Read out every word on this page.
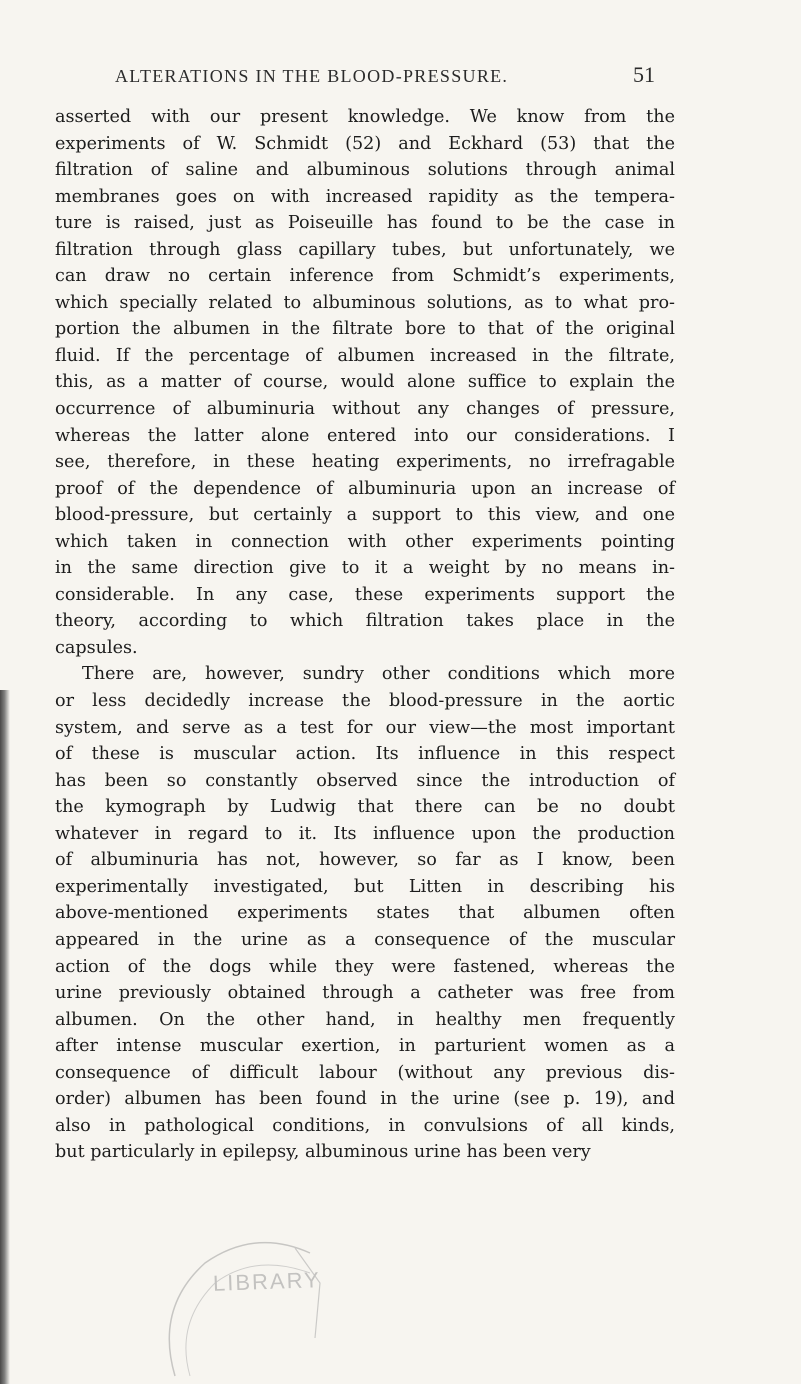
ALTERATIONS IN THE BLOOD-PRESSURE.	51
asserted with our present knowledge. We know from the
experiments of W. Schmidt (52) and Eckhard (53) that the
filtration of saline and albuminous solutions through animal
membranes goes on with increased rapidity as the tempera-
ture is raised, just as Poiseuille has found to be the case in
filtration through glass capillary tubes, but unfortunately, we
can draw no certain inference from Schmidt’s experiments,
which specially related to albuminous solutions, as to what pro-
portion the albumen in the filtrate bore to that of the original
fluid. If the percentage of albumen increased in the filtrate,
this, as a matter of course, would alone suffice to explain the
occurrence of albuminuria without any changes of pressure,
whereas the latter alone entered into our considerations. I
see, therefore, in these heating experiments, no irrefragable
proof of the dependence of albuminuria upon an increase of
blood-pressure, but certainly a support to this view, and one
which taken in connection with other experiments pointing
in the same direction give to it a weight by no means in-
considerable. In any case, these experiments support the
theory, according to which filtration takes place in the
capsules.
There are, however, sundry other conditions which more
or less decidedly increase the blood-pressure in the aortic
system, and serve as a test for our view—the most important
of these is muscular action. Its influence in this respect
has been so constantly observed since the introduction of
the kymograph by Ludwig that there can be no doubt
whatever in regard to it. Its influence upon the production
of albuminuria has not, however, so far as I know, been
experimentally investigated, but Litten in describing his
above-mentioned experiments states that albumen often
appeared in the urine as a consequence of the muscular
action of the dogs while they were fastened, whereas the
urine previously obtained through a catheter was free from
albumen. On the other hand, in healthy men frequently
after intense muscular exertion, in parturient women as a
consequence of difficult labour (without any previous dis-
order) albumen has been found in the urine (see p. 19), and
also in pathological conditions, in convulsions of all kinds,
but particularly in epilepsy, albuminous urine has been very
LIBRARY
